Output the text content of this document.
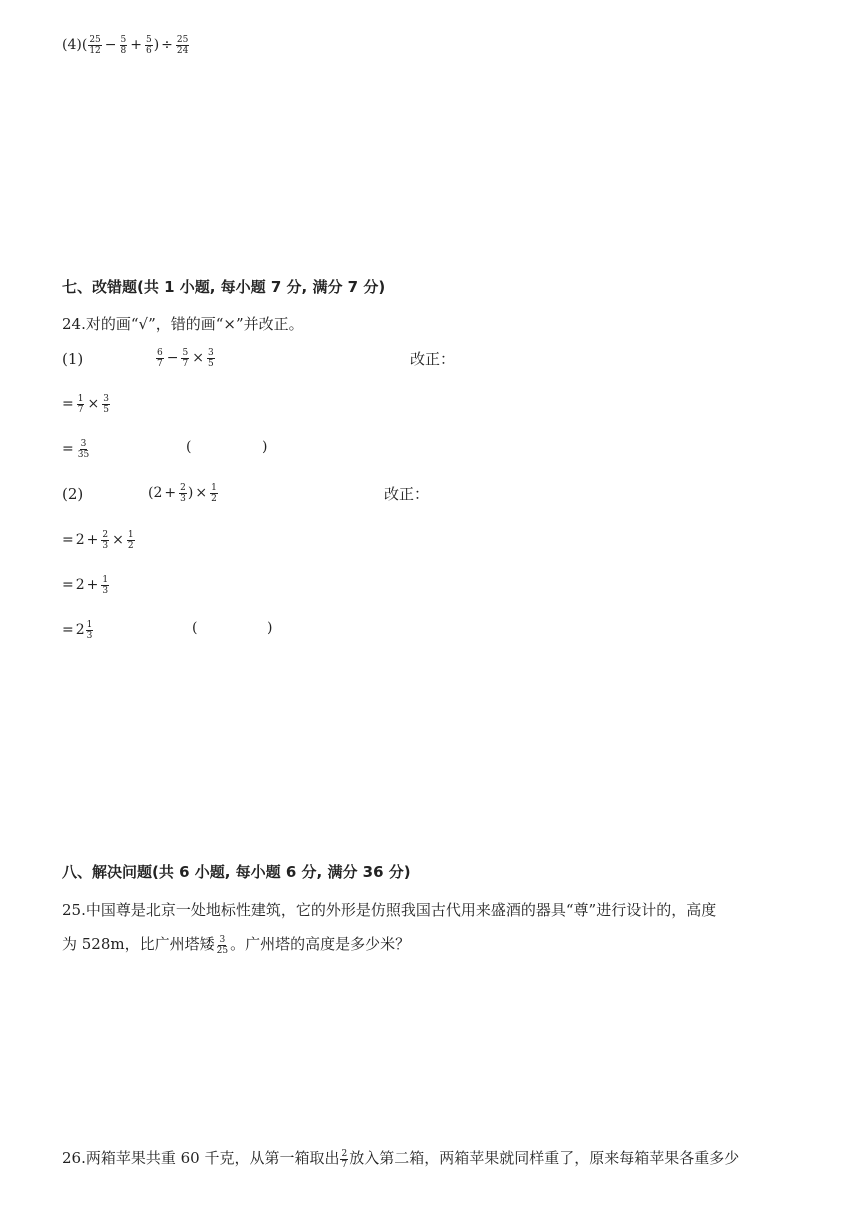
$(4)( \frac{25}{12} - \frac{5}{8} + \frac{5}{6}$ ) ÷ $\frac{25}{24}$
七、改错题(共 1 小题, 每小题 7 分, 满分 7 分)
24.对的画“√”，错的画“×”并改正。
(1)	$\frac{6}{7} - \frac{5}{7} \times \frac{3}{5}$	改正：
= $\frac{1}{7} \times \frac{3}{5}$
= $\frac{3}{35}$	(	)
(2)	($2 + \frac{2}{3}$ ) × $\frac{1}{2}$	改正：
= $2 + \frac{2}{3} \times \frac{1}{2}$
= $2 + \frac{1}{3}$
= $2 \frac{1}{3}$	(	)
八、解决问题(共 6 小题, 每小题 6 分, 满分 36 分)
25.中国尊是北京一处地标性建筑，它的外形是仿照我国古代用来盛酒的器具“尊”进行设计的，高度
为 528m，比广州塔矮 $\frac{3}{25}$ 。广州塔的高度是多少米？
26.两箱苹果共重 60 千克，从第一箱取出 $\frac{2}{7}$ 放入第二箱，两箱苹果就同样重了，原来每箱苹果各重多少
